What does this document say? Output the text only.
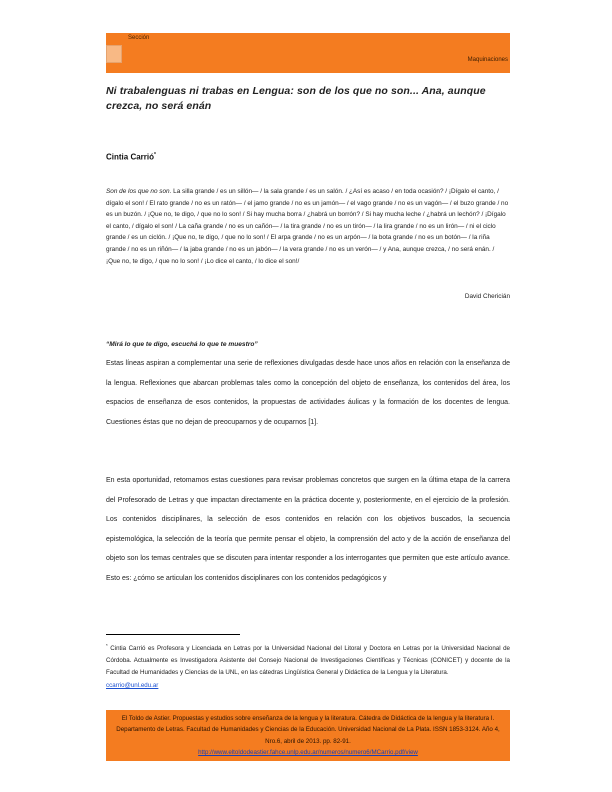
Sección
Maquinaciones
Ni trabalenguas ni trabas en Lengua: son de los que no son... Ana, aunque crezca, no será enán
Cintia Carrió*
Son de los que no son. La silla grande / es un sillón— / la sala grande / es un salón. / ¿Así es acaso / en toda ocasión? / ¡Dígalo el canto, / dígalo el son! / El rato grande / no es un ratón— / el jamo grande / no es un jamón— / el vago grande / no es un vagón— / el buzo grande / no es un buzón. / ¡Que no, te digo, / que no lo son! / Si hay mucha borra / ¿habrá un borrón? / Si hay mucha leche / ¿habrá un lechón? / ¡Dígalo el canto, / dígalo el son! / La caña grande / no es un cañón— / la tira grande / no es un tirón— / la lira grande / no es un lirón— / ni el ciclo grande / es un ciclón. / ¡Que no, te digo, / que no lo son! / El arpa grande / no es un arpón— / la bota grande / no es un botón— / la riña grande / no es un riñón— / la jaba grande / no es un jabón— / la vera grande / no es un verón— / y Ana, aunque crezca, / no será enán. / ¡Que no, te digo, / que no lo son! / ¡Lo dice el canto, / lo dice el son!/
David Chericián
“Mirá lo que te digo, escuchá lo que te muestro”
Estas líneas aspiran a complementar una serie de reflexiones divulgadas desde hace unos años en relación con la enseñanza de la lengua. Reflexiones que abarcan problemas tales como la concepción del objeto de enseñanza, los contenidos del área, los espacios de enseñanza de esos contenidos, la propuestas de actividades áulicas y la formación de los docentes de lengua. Cuestiones éstas que no dejan de preocuparnos y de ocuparnos [1].
En esta oportunidad, retomamos estas cuestiones para revisar problemas concretos que surgen en la última etapa de la carrera del Profesorado de Letras y que impactan directamente en la práctica docente y, posteriormente, en el ejercicio de la profesión. Los contenidos disciplinares, la selección de esos contenidos en relación con los objetivos buscados, la secuencia epistemológica, la selección de la teoría que permite pensar el objeto, la comprensión del acto y de la acción de enseñanza del objeto son los temas centrales que se discuten para intentar responder a los interrogantes que permiten que este artículo avance. Esto es: ¿cómo se articulan los contenidos disciplinares con los contenidos pedagógicos y
* Cintia Carrió es Profesora y Licenciada en Letras por la Universidad Nacional del Litoral y Doctora en Letras por la Universidad Nacional de Córdoba. Actualmente es Investigadora Asistente del Consejo Nacional de Investigaciones Científicas y Técnicas (CONICET) y docente de la Facultad de Humanidades y Ciencias de la UNL, en las cátedras Lingüística General y Didáctica de la Lengua y la Literatura.
ccarrio@unl.edu.ar
El Toldo de Astier. Propuestas y estudios sobre enseñanza de la lengua y la literatura. Cátedra de Didáctica de la lengua y la literatura I. Departamento de Letras. Facultad de Humanidades y Ciencias de la Educación. Universidad Nacional de La Plata. ISSN 1853-3124. Año 4, Nro.6, abril de 2013. pp. 82-91.
http://www.eltoldodeastier.fahce.unlp.edu.ar/numeros/numero6/MCarrio.pdf/view
